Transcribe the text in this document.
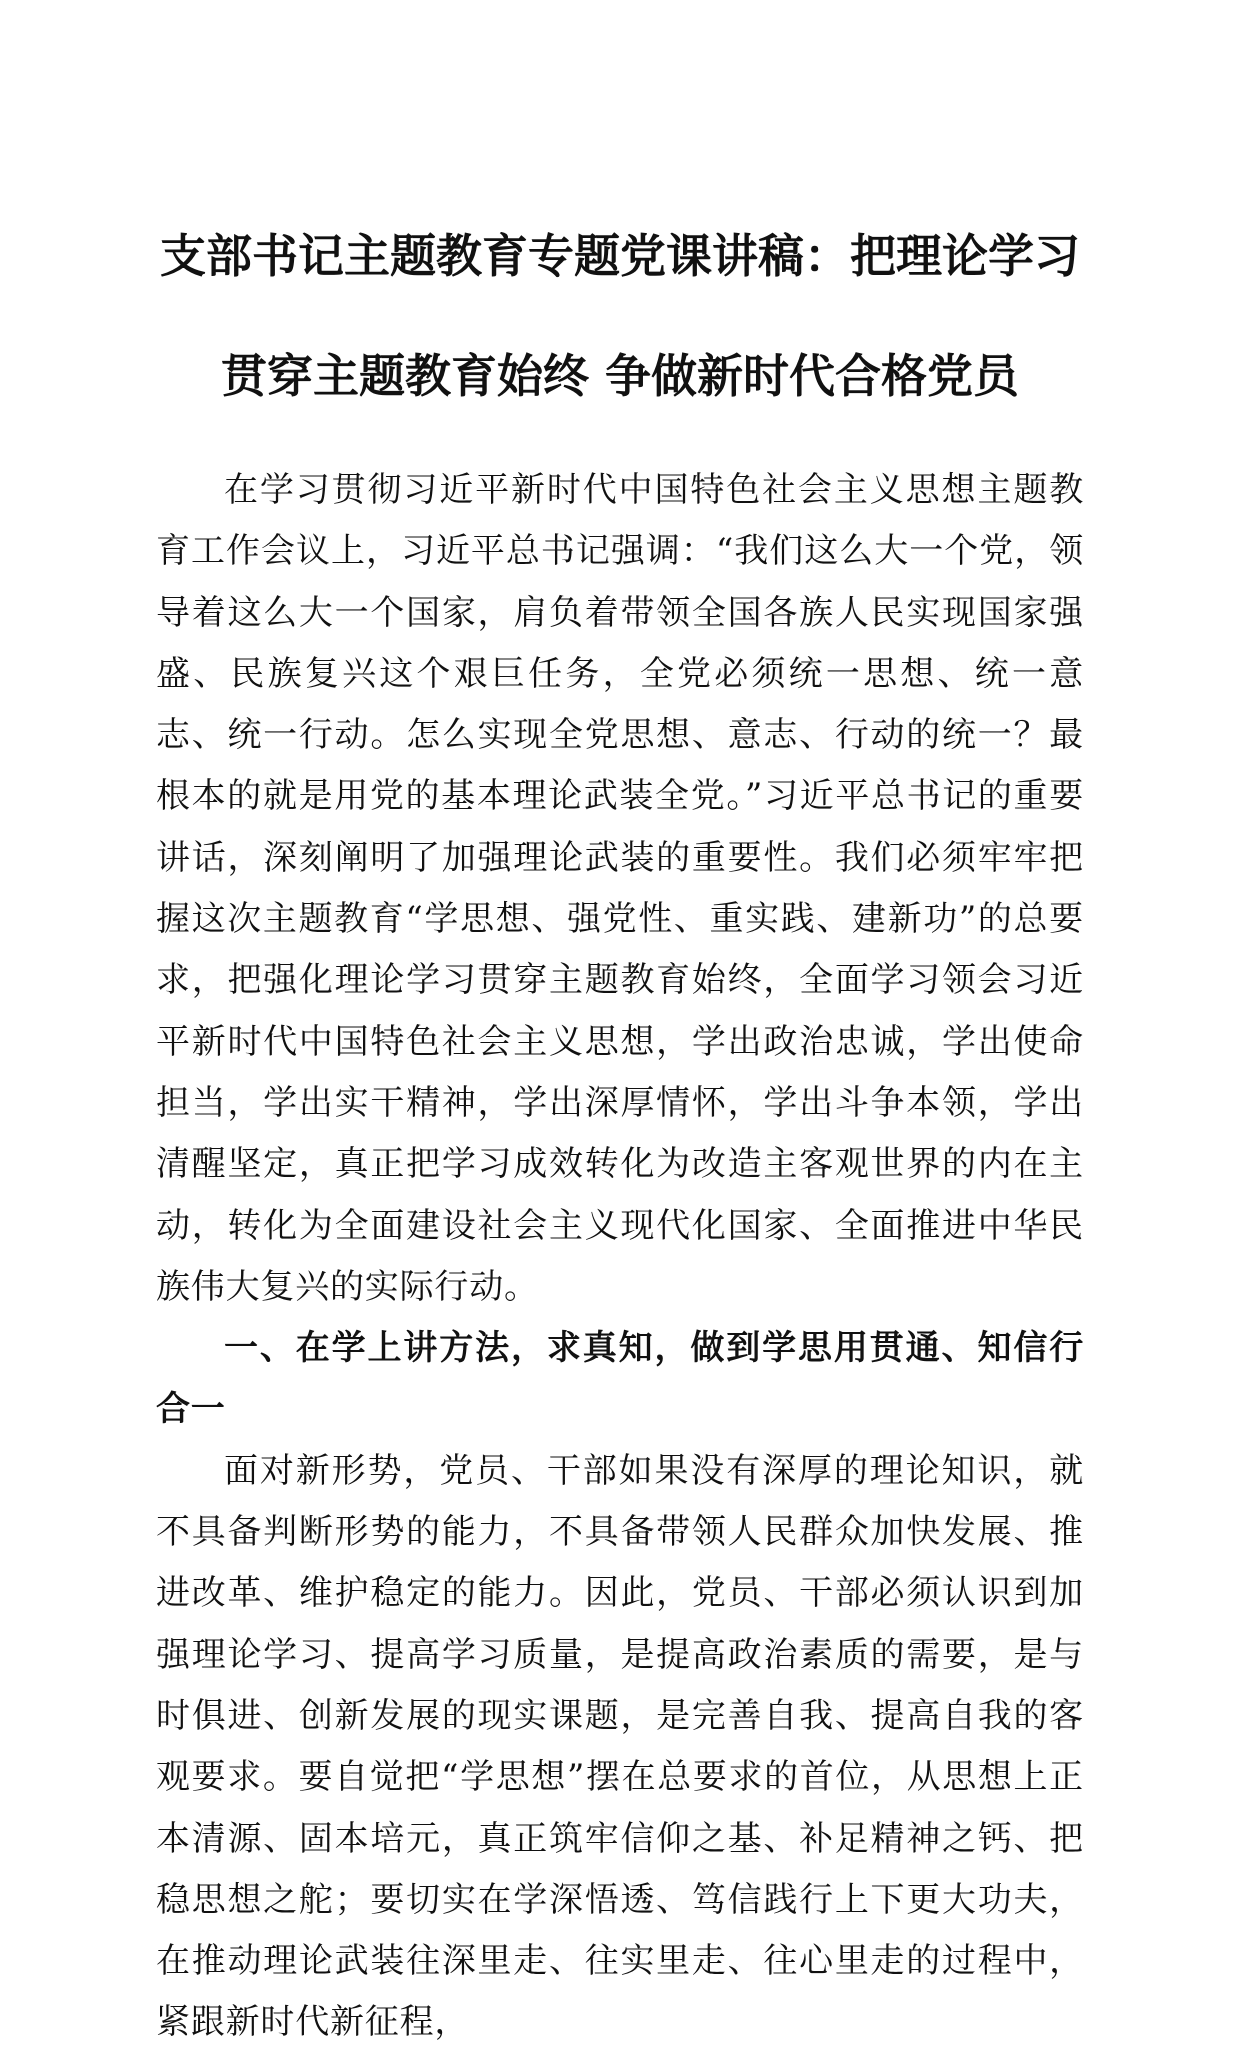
支部书记主题教育专题党课讲稿：把理论学习
贯穿主题教育始终 争做新时代合格党员

在学习贯彻习近平新时代中国特色社会主义思想主题教育工作会议上，习近平总书记强调：“我们这么大一个党，领导着这么大一个国家，肩负着带领全国各族人民实现国家强盛、民族复兴这个艰巨任务，全党必须统一思想、统一意志、统一行动。怎么实现全党思想、意志、行动的统一？最根本的就是用党的基本理论武装全党。”习近平总书记的重要讲话，深刻阐明了加强理论武装的重要性。我们必须牢牢把握这次主题教育“学思想、强党性、重实践、建新功”的总要求，把强化理论学习贯穿主题教育始终，全面学习领会习近平新时代中国特色社会主义思想，学出政治忠诚，学出使命担当，学出实干精神，学出深厚情怀，学出斗争本领，学出清醒坚定，真正把学习成效转化为改造主客观世界的内在主动，转化为全面建设社会主义现代化国家、全面推进中华民族伟大复兴的实际行动。

一、在学上讲方法，求真知，做到学思用贯通、知信行合一

面对新形势，党员、干部如果没有深厚的理论知识，就不具备判断形势的能力，不具备带领人民群众加快发展、推进改革、维护稳定的能力。因此，党员、干部必须认识到加强理论学习、提高学习质量，是提高政治素质的需要，是与时俱进、创新发展的现实课题，是完善自我、提高自我的客观要求。要自觉把“学思想”摆在总要求的首位，从思想上正本清源、固本培元，真正筑牢信仰之基、补足精神之钙、把稳思想之舵；要切实在学深悟透、笃信践行上下更大功夫，在推动理论武装往深里走、往实里走、往心里走的过程中，紧跟新时代新征程，
